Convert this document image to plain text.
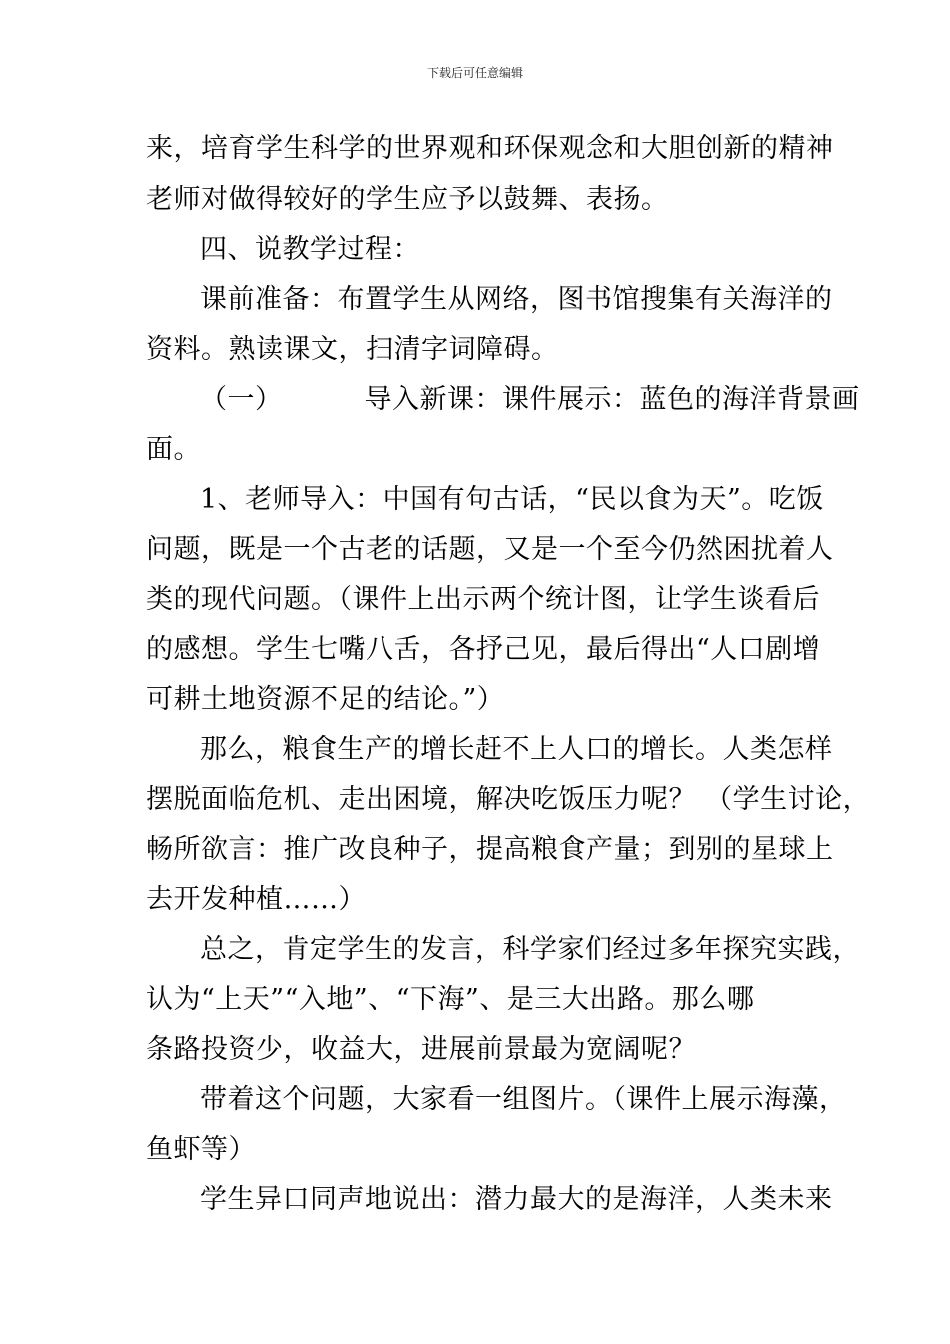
下载后可任意编辑
来，培育学生科学的世界观和环保观念和大胆创新的精神
老师对做得较好的学生应予以鼓舞、表扬。
四、说教学过程：
课前准备：布置学生从网络，图书馆搜集有关海洋的
资料。熟读课文，扫清字词障碍。
（一）	导入新课：课件展示：蓝色的海洋背景画
面。
1、老师导入：中国有句古话，“民以食为天”。吃饭
问题，既是一个古老的话题，又是一个至今仍然困扰着人
类的现代问题。（课件上出示两个统计图，让学生谈看后
的感想。学生七嘴八舌，各抒己见，最后得出“人口剧增
可耕土地资源不足的结论。”）
那么，粮食生产的增长赶不上人口的增长。人类怎样
摆脱面临危机、走出困境，解决吃饭压力呢？ （学生讨论，
畅所欲言：推广改良种子，提高粮食产量；到别的星球上
去开发种植……）
总之，肯定学生的发言，科学家们经过多年探究实践，
认为“上天”“入地”、“下海”、是三大出路。那么哪
条路投资少，收益大，进展前景最为宽阔呢？
带着这个问题，大家看一组图片。（课件上展示海藻，
鱼虾等）
学生异口同声地说出：潜力最大的是海洋，人类未来
